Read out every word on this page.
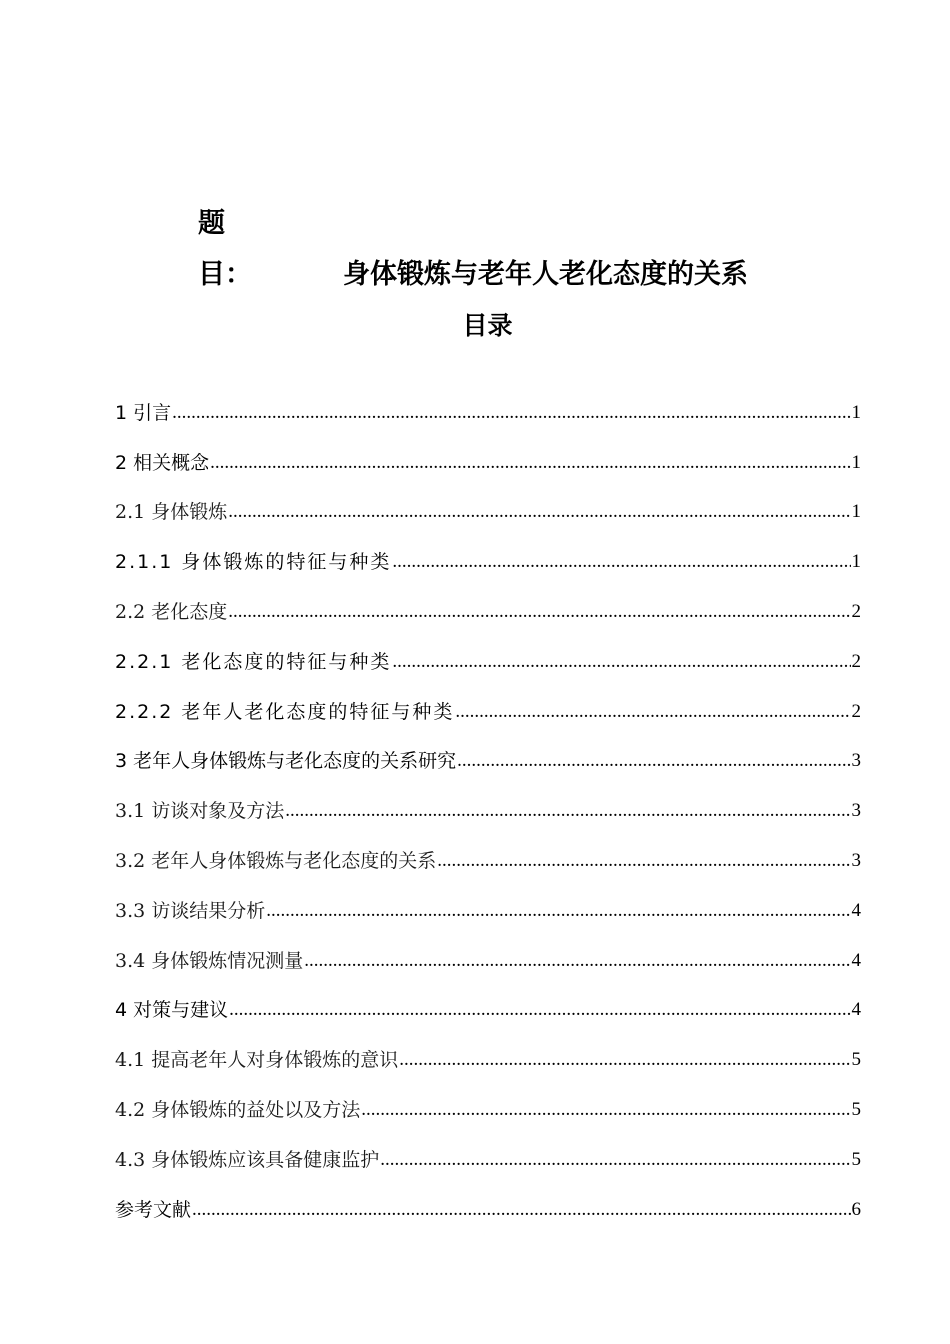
题
目：	身体锻炼与老年人老化态度的关系
目录
1 引言 .....	1
2 相关概念 .....	1
2.1 身体锻炼 .....	1
2.1.1 身体锻炼的特征与种类 .....	1
2.2 老化态度 .....	2
2.2.1 老化态度的特征与种类 .....	2
2.2.2 老年人老化态度的特征与种类 .....	2
3 老年人身体锻炼与老化态度的关系研究 .....	3
3.1 访谈对象及方法 .....	3
3.2 老年人身体锻炼与老化态度的关系 .....	3
3.3 访谈结果分析 .....	4
3.4 身体锻炼情况测量 .....	4
4 对策与建议 .....	4
4.1 提高老年人对身体锻炼的意识 .....	5
4.2 身体锻炼的益处以及方法 .....	5
4.3 身体锻炼应该具备健康监护 .....	5
参考文献 .....	6
